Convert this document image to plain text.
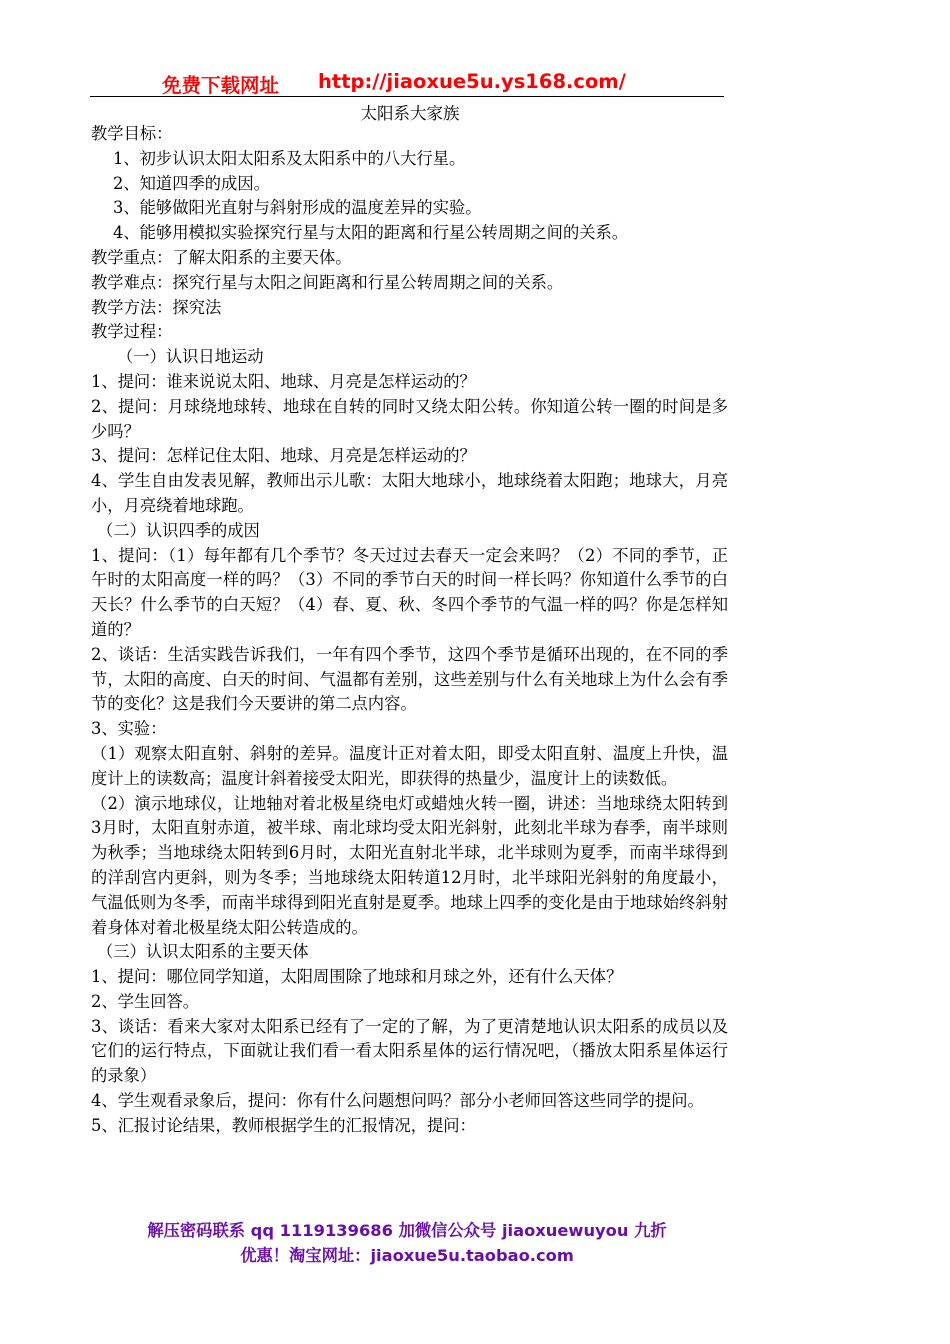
免费下载网址 http://jiaoxue5u.ys168.com/
太阳系大家族

教学目标：

1、初步认识太阳太阳系及太阳系中的八大行星。

2、知道四季的成因。

3、能够做阳光直射与斜射形成的温度差异的实验。

4、能够用模拟实验探究行星与太阳的距离和行星公转周期之间的关系。

教学重点：了解太阳系的主要天体。

教学难点：探究行星与太阳之间距离和行星公转周期之间的关系。

教学方法：探究法

教学过程：

（一）认识日地运动

1、提问：谁来说说太阳、地球、月亮是怎样运动的？

2、提问：月球绕地球转、地球在自转的同时又绕太阳公转。你知道公转一圈的时间是多少吗？

3、提问：怎样记住太阳、地球、月亮是怎样运动的？

4、学生自由发表见解，教师出示儿歌：太阳大地球小，地球绕着太阳跑；地球大，月亮小，月亮绕着地球跑。

（二）认识四季的成因

1、提问：（1）每年都有几个季节？冬天过过去春天一定会来吗？（2）不同的季节，正午时的太阳高度一样的吗？（3）不同的季节白天的时间一样长吗？你知道什么季节的白天长？什么季节的白天短？（4）春、夏、秋、冬四个季节的气温一样的吗？你是怎样知道的？

2、谈话：生活实践告诉我们，一年有四个季节，这四个季节是循环出现的，在不同的季节，太阳的高度、白天的时间、气温都有差别，这些差别与什么有关地球上为什么会有季节的变化？这是我们今天要讲的第二点内容。

3、实验：

（1）观察太阳直射、斜射的差异。温度计正对着太阳，即受太阳直射、温度上升快，温度计上的读数高；温度计斜着接受太阳光，即获得的热量少，温度计上的读数低。

（2）演示地球仪，让地轴对着北极星绕电灯或蜡烛火转一圈，讲述：当地球绕太阳转到3月时，太阳直射赤道，被半球、南北球均受太阳光斜射，此刻北半球为春季，南半球则为秋季；当地球绕太阳转到6月时，太阳光直射北半球，北半球则为夏季，而南半球得到的洋刮宫内更斜，则为冬季；当地球绕太阳转道12月时，北半球阳光斜射的角度最小，气温低则为冬季，而南半球得到阳光直射是夏季。地球上四季的变化是由于地球始终斜射着身体对着北极星绕太阳公转造成的。

（三）认识太阳系的主要天体

1、提问：哪位同学知道，太阳周围除了地球和月球之外，还有什么天体？

2、学生回答。

3、谈话：看来大家对太阳系已经有了一定的了解，为了更清楚地认识太阳系的成员以及它们的运行特点，下面就让我们看一看太阳系星体的运行情况吧，（播放太阳系星体运行的录象）

4、学生观看录象后，提问：你有什么问题想问吗？部分小老师回答这些同学的提问。

5、汇报讨论结果，教师根据学生的汇报情况，提问：

解压密码联系 qq 1119139686 加微信公众号 jiaoxuewuyou 九折

优惠！淘宝网址：jiaoxue5u.taobao.com
